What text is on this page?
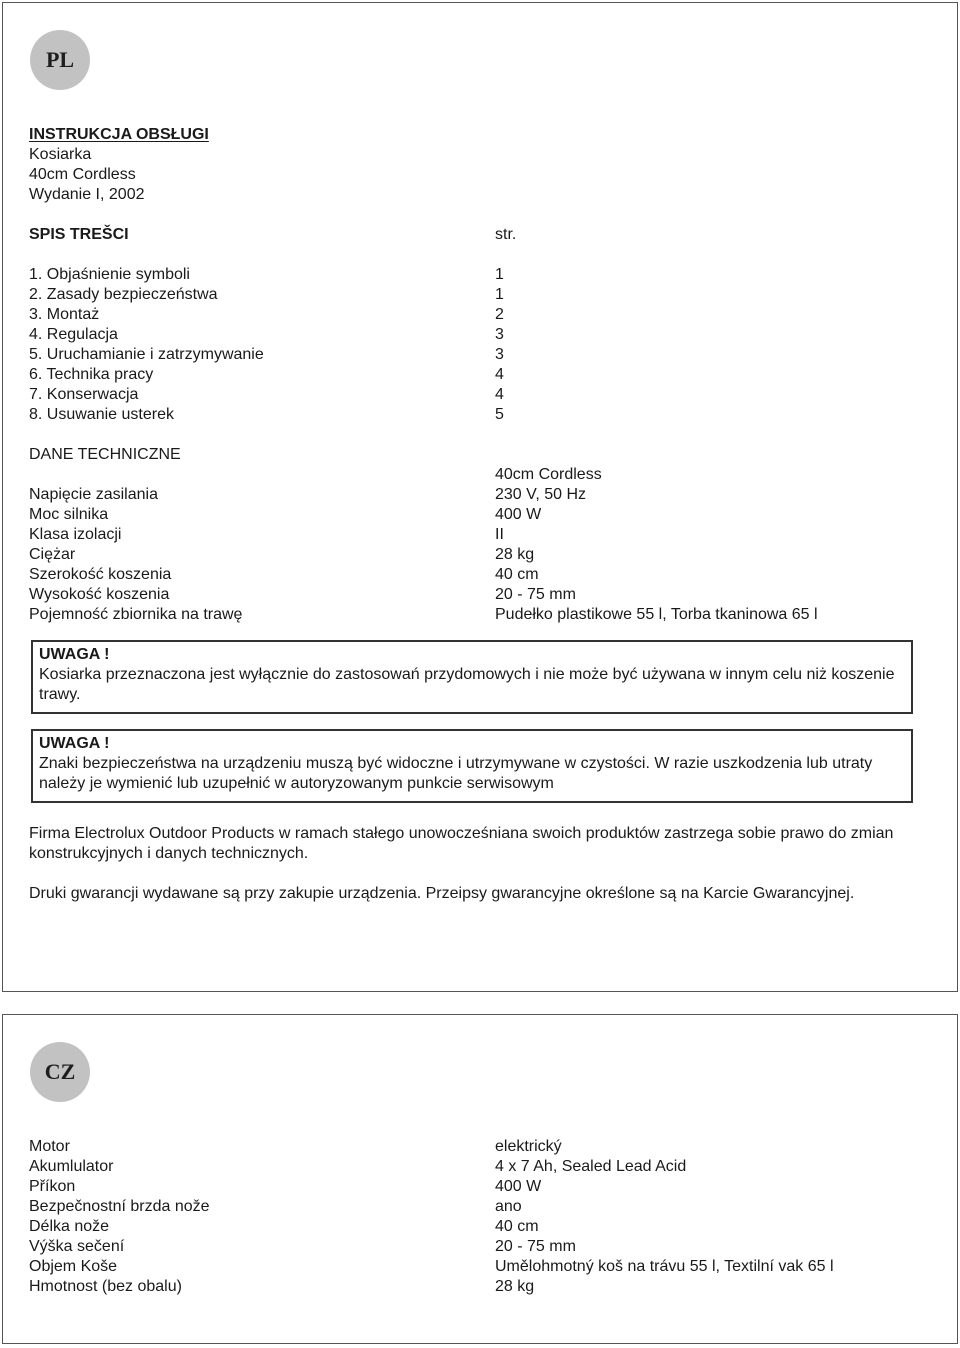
PL
INSTRUKCJA OBSŁUGI
Kosiarka
40cm Cordless
Wydanie I, 2002
SPIS TREŠCI	str.
1. Objaśnienie symboli	1
2. Zasady bezpieczeństwa	1
3. Montaż	2
4. Regulacja	3
5. Uruchamianie i zatrzymywanie	3
6. Technika pracy	4
7. Konserwacja	4
8. Usuwanie usterek	5
DANE TECHNICZNE
40cm Cordless
Napięcie zasilania	230 V, 50 Hz
Moc silnika	400 W
Klasa izolacji	II
Ciężar	28 kg
Szerokość koszenia	40 cm
Wysokość koszenia	20 - 75 mm
Pojemność zbiornika na trawę	Pudełko plastikowe 55 l, Torba tkaninowa 65 l
UWAGA !
Kosiarka przeznaczona jest wyłącznie do zastosowań przydomowych i nie może być używana w innym celu niż koszenie trawy.
UWAGA !
Znaki bezpieczeństwa na urządzeniu muszą być widoczne i utrzymywane w czystości. W razie uszkodzenia lub utraty należy je wymienić lub uzupełnić w autoryzowanym punkcie serwisowym
Firma Electrolux Outdoor Products w ramach stałego unowocześniana swoich produktów zastrzega sobie prawo do zmian konstrukcyjnych i danych technicznych.
Druki gwarancji wydawane są przy zakupie urządzenia. Przeipsy gwarancyjne określone są na Karcie Gwarancyjnej.
CZ
Motor	elektrický
Akumlulator	4 x 7 Ah, Sealed Lead Acid
Příkon	400 W
Bezpečnostní brzda nože	ano
Délka nože	40 cm
Výška sečení	20 - 75 mm
Objem Koše	Umělohmotný koš na trávu 55 l, Textilní vak 65 l
Hmotnost (bez obalu)	28 kg
